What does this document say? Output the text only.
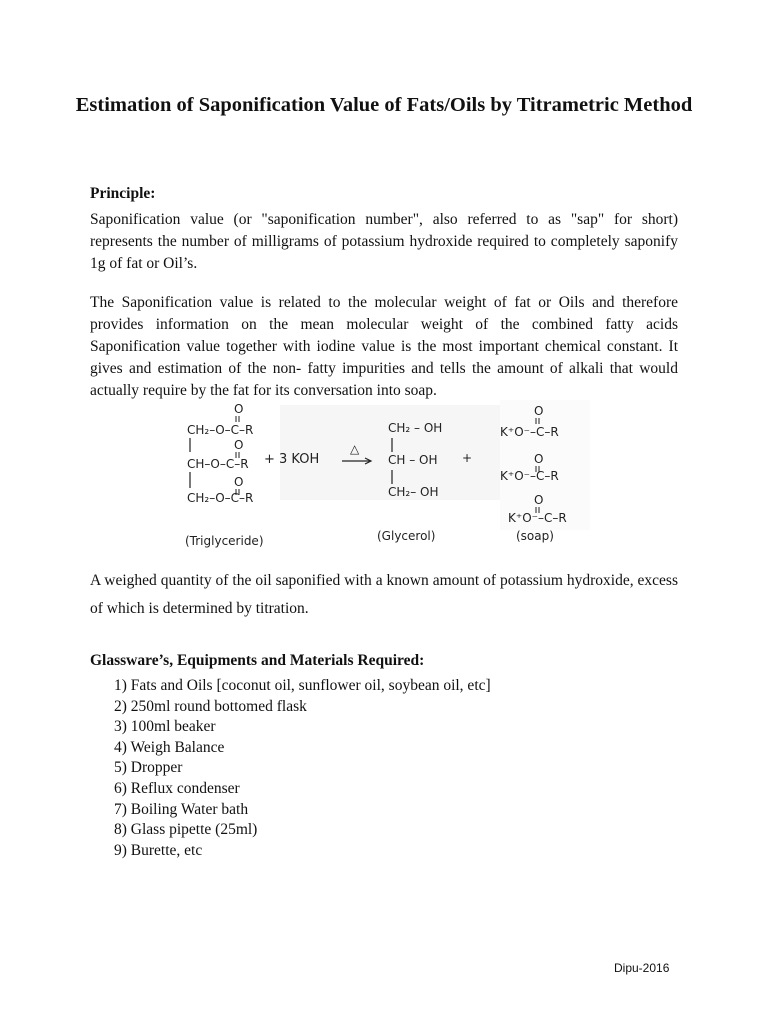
Estimation of Saponification Value of Fats/Oils by Titrametric Method
Principle:

Saponification value (or "saponification number", also referred to as "sap" for short) represents the number of milligrams of potassium hydroxide required to completely saponify 1g of fat or Oil’s.

The Saponification value is related to the molecular weight of fat or Oils and therefore provides information on the mean molecular weight of the combined fatty acids Saponification value together with iodine value is the most important chemical constant. It gives and estimation of the non- fatty impurities and tells the amount of alkali that would actually require by the fat for its conversation into soap.

O
CH₂–O–C–R
O
CH–O–C–R
O
CH₂–O–C–R
(Triglyceride)
+ 3 KOH
△
CH₂ – OH
CH – OH
CH₂– OH
(Glycerol)
+
O
K⁺O⁻–C–R
O
K⁺O⁻–C–R
O
K⁺O⁻–C–R
(soap)

A weighed quantity of the oil saponified with a known amount of potassium hydroxide, excess of which is determined by titration.

Glassware’s, Equipments and Materials Required:
1) Fats and Oils [coconut oil, sunflower oil, soybean oil, etc]
2) 250ml round bottomed flask
3) 100ml beaker
4) Weigh Balance
5) Dropper
6) Reflux condenser
7) Boiling Water bath
8) Glass pipette (25ml)
9) Burette, etc
Dipu-2016
